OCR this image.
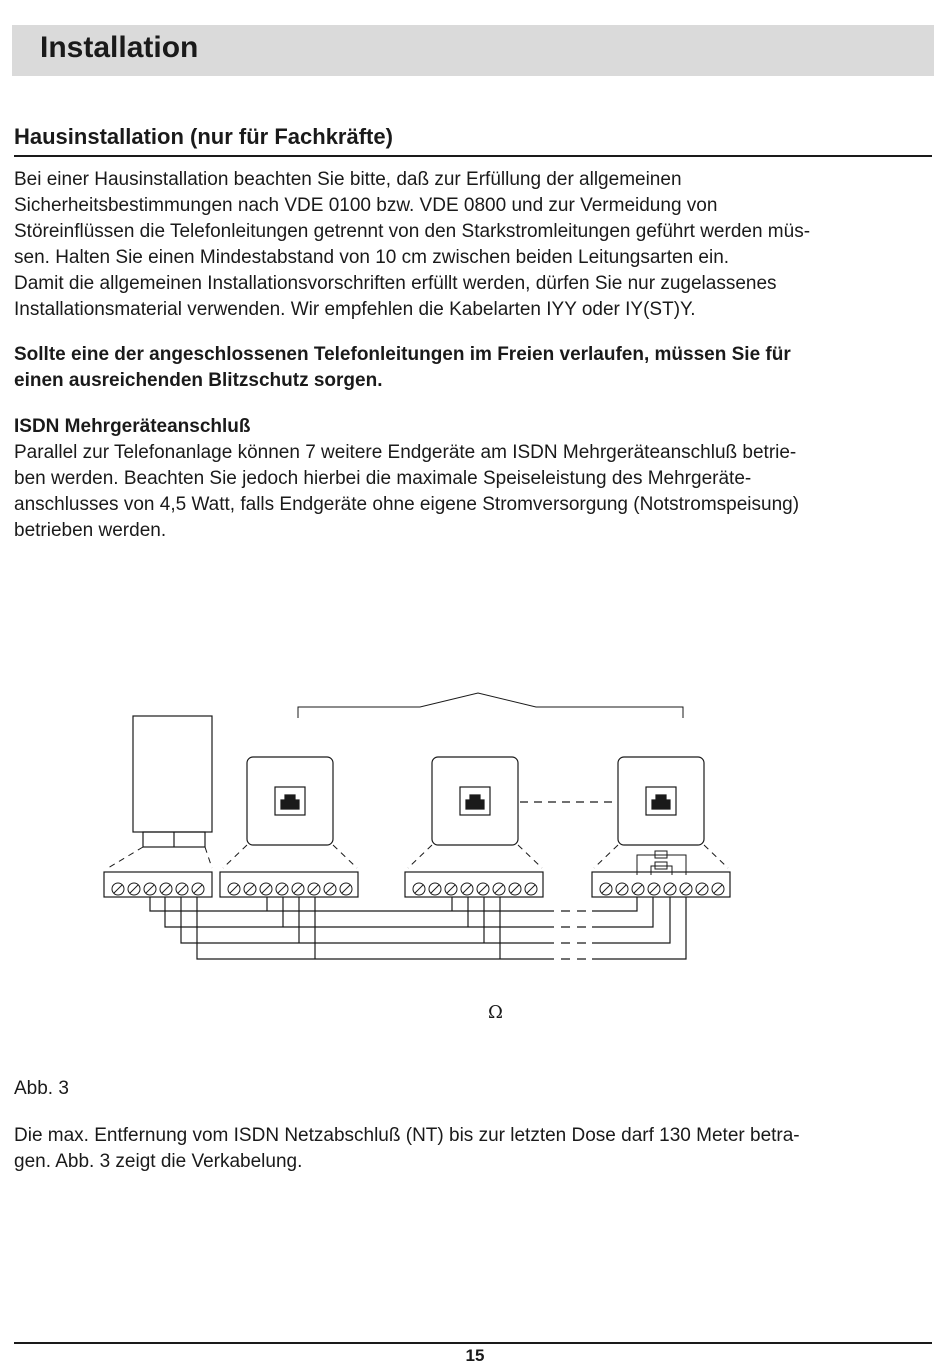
Installation
Hausinstallation (nur für Fachkräfte)

Bei einer Hausinstallation beachten Sie bitte, daß zur Erfüllung der allgemeinen
Sicherheitsbestimmungen nach VDE 0100 bzw. VDE 0800 und zur Vermeidung von
Störeinflüssen die Telefonleitungen getrennt von den Starkstromleitungen geführt werden müs-
sen. Halten Sie einen Mindestabstand von 10 cm zwischen beiden Leitungsarten ein.
Damit die allgemeinen Installationsvorschriften erfüllt werden, dürfen Sie nur zugelassenes
Installationsmaterial verwenden. Wir empfehlen die Kabelarten IYY oder IY(ST)Y.

Sollte eine der angeschlossenen Telefonleitungen im Freien verlaufen, müssen Sie für
einen ausreichenden Blitzschutz sorgen.

ISDN Mehrgeräteanschluß
Parallel zur Telefonanlage können 7 weitere Endgeräte am ISDN Mehrgeräteanschluß betrie-
ben werden. Beachten Sie jedoch hierbei die maximale Speiseleistung des Mehrgeräte-
anschlusses von 4,5 Watt, falls Endgeräte ohne eigene Stromversorgung (Notstromspeisung)
betrieben werden.

Ω

Abb. 3

Die max. Entfernung vom ISDN Netzabschluß (NT) bis zur letzten Dose darf 130 Meter betra-
gen. Abb. 3 zeigt die Verkabelung.

15
